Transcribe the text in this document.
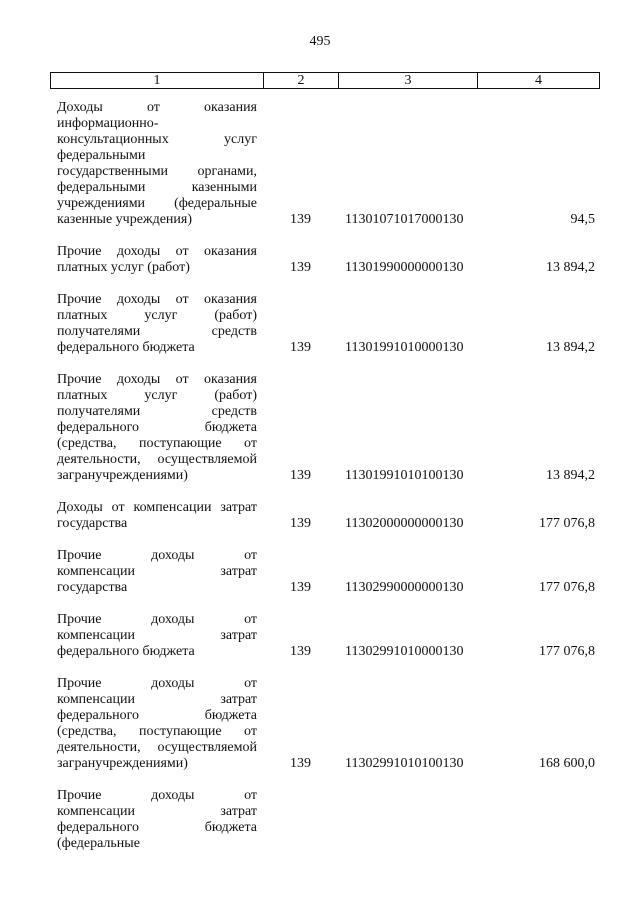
495
1	2	3	4
Доходы от оказания
информационно-
консультационных услуг
федеральными
государственными органами,
федеральными казенными
учреждениями (федеральные
казенные учреждения)	139 11301071017000130	94,5
Прочие доходы от оказания
платных услуг (работ)	139 11301990000000130	13 894,2
Прочие доходы от оказания
платных услуг (работ)
получателями средств
федерального бюджета	139 11301991010000130	13 894,2
Прочие доходы от оказания
платных услуг (работ)
получателями средств
федерального бюджета
(средства, поступающие от
деятельности, осуществляемой
загранучреждениями)	139 11301991010100130	13 894,2
Доходы от компенсации затрат
государства	139 11302000000000130	177 076,8
Прочие доходы от
компенсации затрат
государства	139 11302990000000130	177 076,8
Прочие доходы от
компенсации затрат
федерального бюджета	139 11302991010000130	177 076,8
Прочие доходы от
компенсации затрат
федерального бюджета
(средства, поступающие от
деятельности, осуществляемой
загранучреждениями)	139 11302991010100130	168 600,0
Прочие доходы от
компенсации затрат
федерального бюджета
(федеральные
